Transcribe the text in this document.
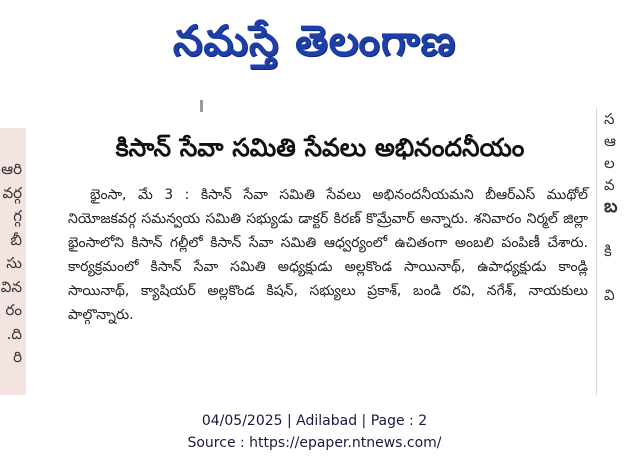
నమస్తే తెలంగాణ
ఆరి
వర్గ
గ్గ
బీ
సు
విన
రం
ది.
రి
స
ఆ
ల
వ
బ

కి

వి
కిసాన్ సేవా సమితి సేవలు అభినందనీయం

భైంసా, మే 3 : కిసాన్ సేవా సమితి సేవలు అభినందనీయమని బీఆర్ఎస్ ముథోల్ నియోజకవర్గ సమన్వయ సమితి సభ్యుడు డాక్టర్ కిరణ్ కొమ్రేవార్ అన్నారు. శనివారం నిర్మల్ జిల్లా భైంసాలోని కిసాన్ గల్లీలో కిసాన్ సేవా సమితి ఆధ్వర్యంలో ఉచితంగా అంబలి పంపిణీ చేశారు. కార్యక్రమంలో కిసాన్ సేవా సమితి అధ్యక్షుడు అల్లకొండ సాయినాథ్, ఉపాధ్యక్షుడు కాండ్లి సాయినాథ్, క్యాషియర్ అల్లకొండ కిషన్, సభ్యులు ప్రకాశ్, బండి రవి, నగేశ్, నాయకులు పాల్గొన్నారు.

04/05/2025 | Adilabad | Page : 2
Source : https://epaper.ntnews.com/
